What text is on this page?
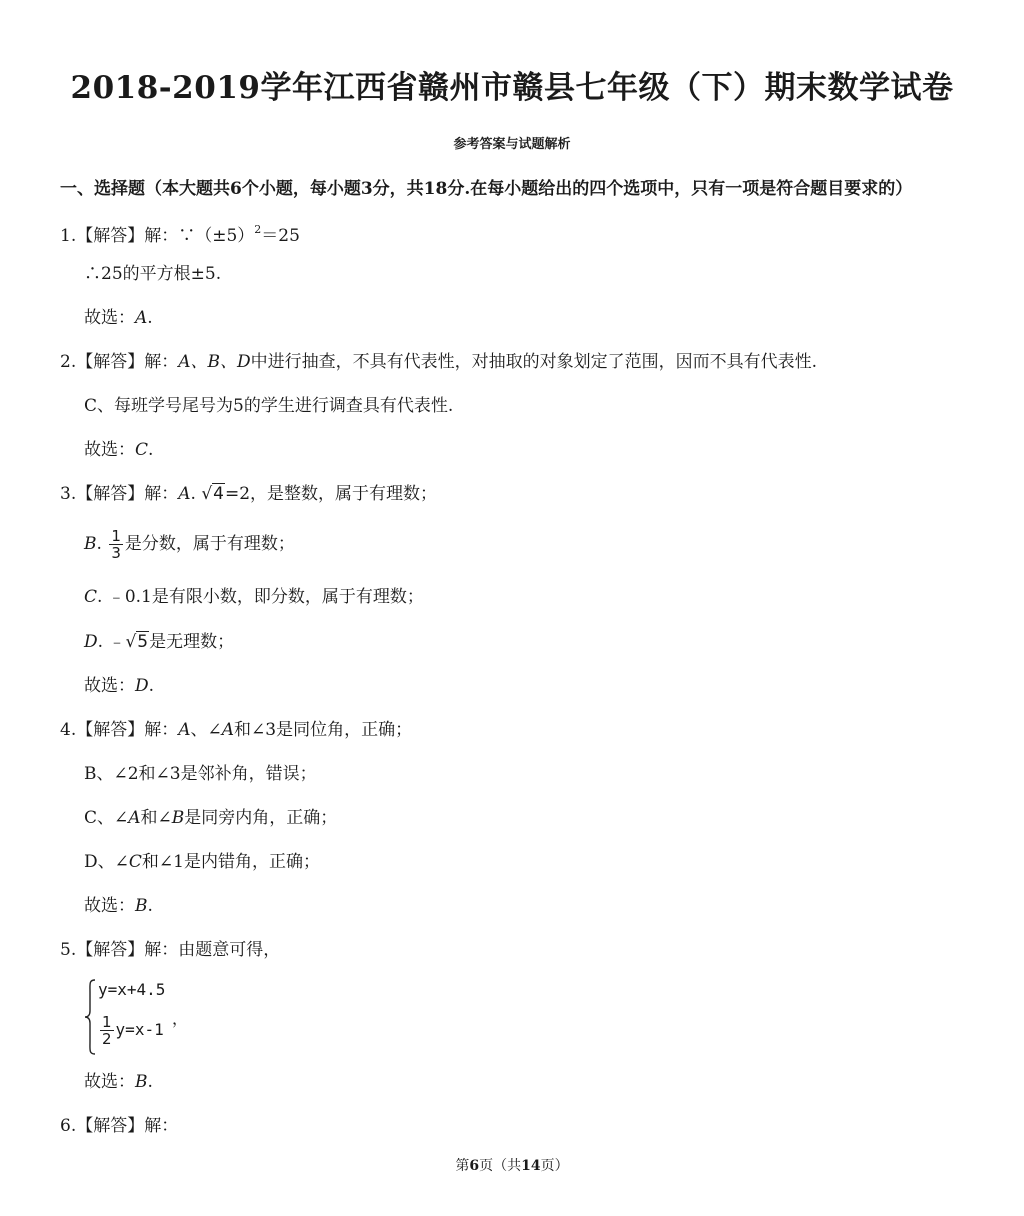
2018-2019学年江西省赣州市赣县七年级（下）期末数学试卷
参考答案与试题解析
一、选择题（本大题共6个小题，每小题3分，共18分.在每小题给出的四个选项中，只有一项是符合题目要求的）
1.【解答】解：$\because(\pm 5)^2=25$
∴25的平方根±5.
故选：A.
2.【解答】解：A、B、D中进行抽查，不具有代表性，对抽取的对象划定了范围，因而不具有代表性.
C、每班学号尾号为5的学生进行调查具有代表性.
故选：C.
3.【解答】解：A. √4=2，是整数，属于有理数；
B. $\frac{1}{3}$ 是分数，属于有理数；
C. ﹣0.1是有限小数，即分数，属于有理数；
D. ﹣√5是无理数；
故选：D.
4.【解答】解：A、∠A和∠3是同位角，正确；
B、∠2和∠3是邻补角，错误；
C、∠A和∠B是同旁内角，正确；
D、∠C和∠1是内错角，正确；
故选：B.
5.【解答】解：由题意可得，
y=x+4.5
$\frac{1}{2} y=x-1$
，
故选：B.
6.【解答】解：
第6页（共14页）
